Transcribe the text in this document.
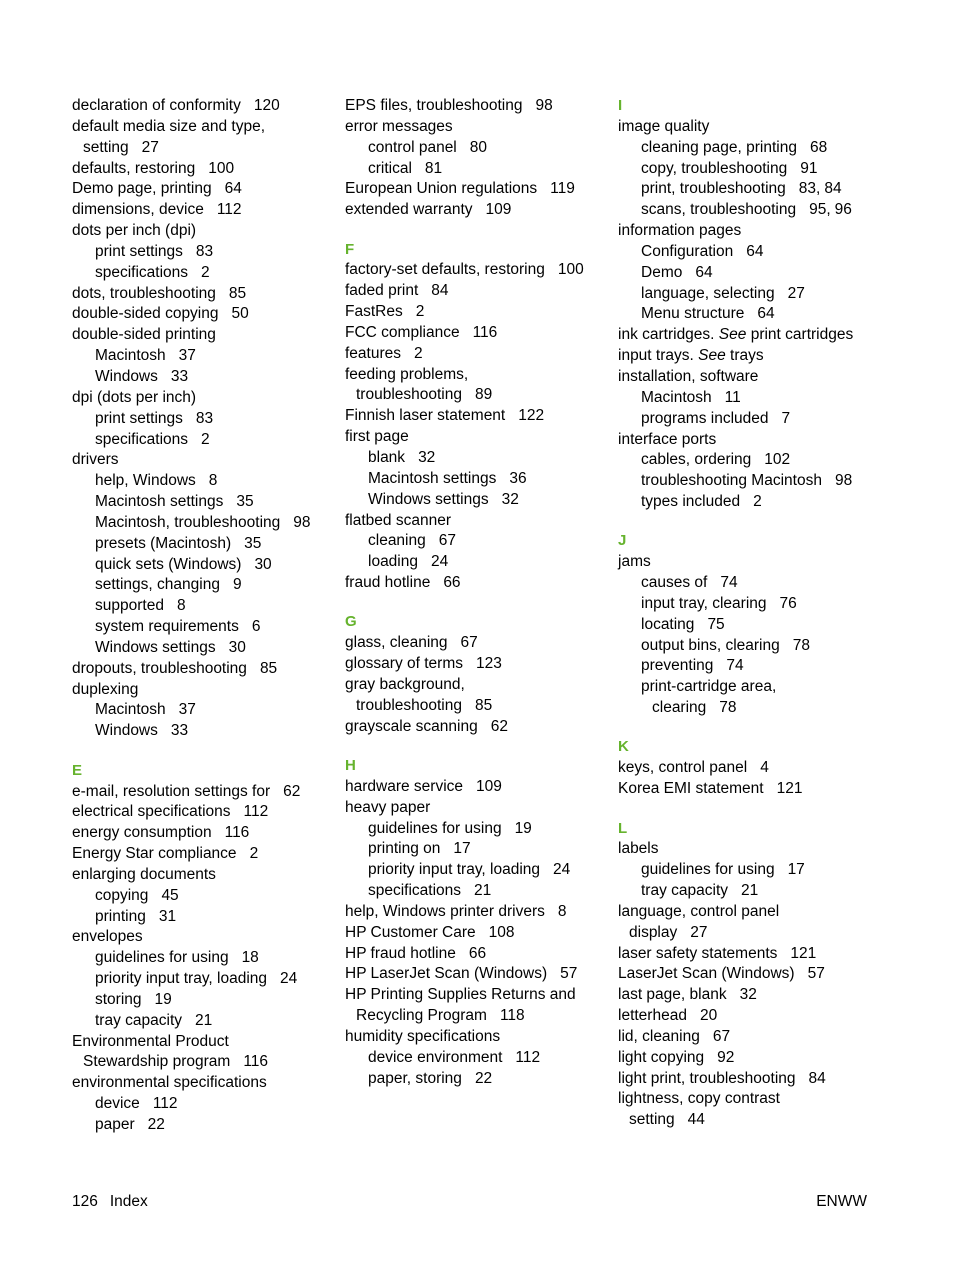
declaration of conformity 120
default media size and type,
setting 27
defaults, restoring 100
Demo page, printing 64
dimensions, device 112
dots per inch (dpi)
print settings 83
specifications 2
dots, troubleshooting 85
double-sided copying 50
double-sided printing
Macintosh 37
Windows 33
dpi (dots per inch)
print settings 83
specifications 2
drivers
help, Windows 8
Macintosh settings 35
Macintosh, troubleshooting 98
presets (Macintosh) 35
quick sets (Windows) 30
settings, changing 9
supported 8
system requirements 6
Windows settings 30
dropouts, troubleshooting 85
duplexing
Macintosh 37
Windows 33
E
e-mail, resolution settings for 62
electrical specifications 112
energy consumption 116
Energy Star compliance 2
enlarging documents
copying 45
printing 31
envelopes
guidelines for using 18
priority input tray, loading 24
storing 19
tray capacity 21
Environmental Product
Stewardship program 116
environmental specifications
device 112
paper 22
EPS files, troubleshooting 98
error messages
control panel 80
critical 81
European Union regulations 119
extended warranty 109
F
factory-set defaults, restoring 100
faded print 84
FastRes 2
FCC compliance 116
features 2
feeding problems,
troubleshooting 89
Finnish laser statement 122
first page
blank 32
Macintosh settings 36
Windows settings 32
flatbed scanner
cleaning 67
loading 24
fraud hotline 66
G
glass, cleaning 67
glossary of terms 123
gray background,
troubleshooting 85
grayscale scanning 62
H
hardware service 109
heavy paper
guidelines for using 19
printing on 17
priority input tray, loading 24
specifications 21
help, Windows printer drivers 8
HP Customer Care 108
HP fraud hotline 66
HP LaserJet Scan (Windows) 57
HP Printing Supplies Returns and
Recycling Program 118
humidity specifications
device environment 112
paper, storing 22
I
image quality
cleaning page, printing 68
copy, troubleshooting 91
print, troubleshooting 83, 84
scans, troubleshooting 95, 96
information pages
Configuration 64
Demo 64
language, selecting 27
Menu structure 64
ink cartridges. See print cartridges
input trays. See trays
installation, software
Macintosh 11
programs included 7
interface ports
cables, ordering 102
troubleshooting Macintosh 98
types included 2
J
jams
causes of 74
input tray, clearing 76
locating 75
output bins, clearing 78
preventing 74
print-cartridge area,
clearing 78
K
keys, control panel 4
Korea EMI statement 121
L
labels
guidelines for using 17
tray capacity 21
language, control panel
display 27
laser safety statements 121
LaserJet Scan (Windows) 57
last page, blank 32
letterhead 20
lid, cleaning 67
light copying 92
light print, troubleshooting 84
lightness, copy contrast
setting 44
126 Index	ENWW
